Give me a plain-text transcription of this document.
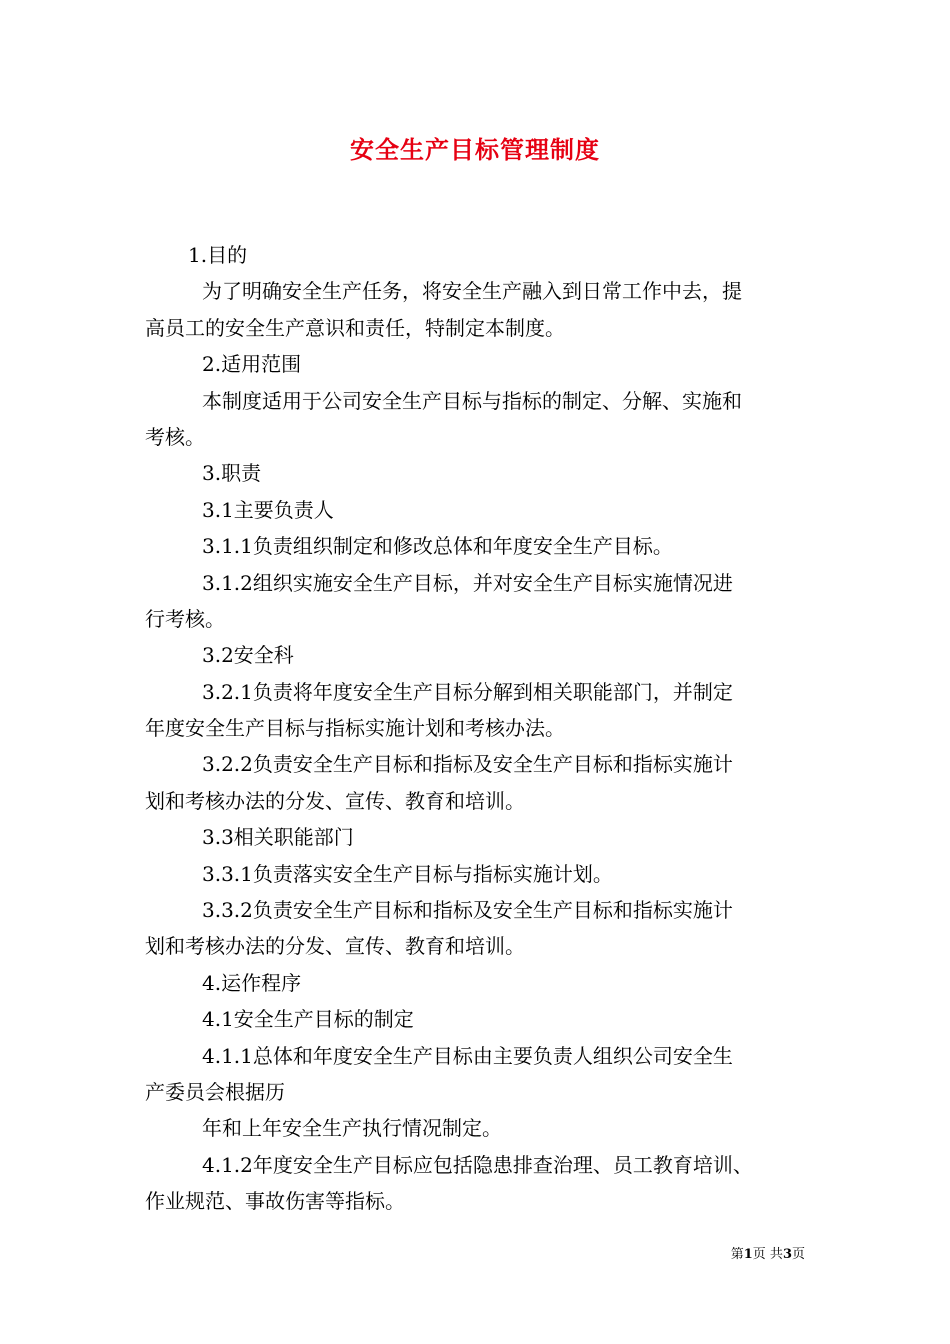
安全生产目标管理制度
1.目的
为了明确安全生产任务，将安全生产融入到日常工作中去，提
高员工的安全生产意识和责任，特制定本制度。
2.适用范围
本制度适用于公司安全生产目标与指标的制定、分解、实施和
考核。
3.职责
3.1主要负责人
3.1.1负责组织制定和修改总体和年度安全生产目标。
3.1.2组织实施安全生产目标，并对安全生产目标实施情况进
行考核。
3.2安全科
3.2.1负责将年度安全生产目标分解到相关职能部门，并制定
年度安全生产目标与指标实施计划和考核办法。
3.2.2负责安全生产目标和指标及安全生产目标和指标实施计
划和考核办法的分发、宣传、教育和培训。
3.3相关职能部门
3.3.1负责落实安全生产目标与指标实施计划。
3.3.2负责安全生产目标和指标及安全生产目标和指标实施计
划和考核办法的分发、宣传、教育和培训。
4.运作程序
4.1安全生产目标的制定
4.1.1总体和年度安全生产目标由主要负责人组织公司安全生
产委员会根据历
年和上年安全生产执行情况制定。
4.1.2年度安全生产目标应包括隐患排查治理、员工教育培训、
作业规范、事故伤害等指标。
第1页 共3页
